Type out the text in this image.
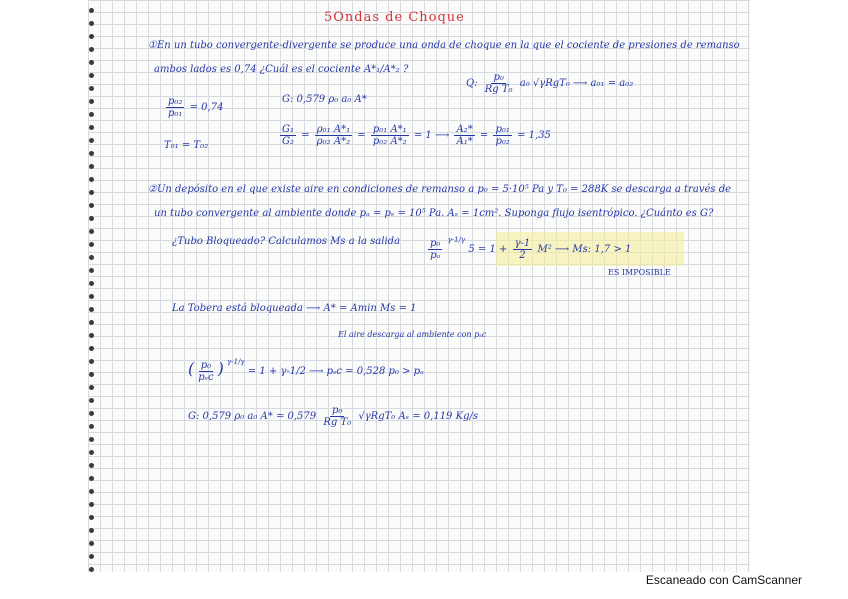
5Ondas de Choque
①En un tubo convergente-divergente se produce una onda de choque en la que el cociente de presiones de remanso
ambos lados es 0,74 ¿Cuál es el cociente A*₁/A*₂ ?
Q: $\frac{\text{p₀}}{\text{Rg T₀}} a_0$ √γRgT₀ ⟶ a₀₁ = a₀₂
$\frac{\text{p₀₂}}{\text{p₀₁}} = 0,74$
G: 0,579 ρ₀ a₀ A*
T₀₁ = T₀₂	$\frac{\text{G₁}}{\text{G₂}} = \frac{\text{ρ₀₁ A*₁}}{\text{ρ₀₂ A*₂}} = \frac{\text{p₀₁ A*₁}}{\text{p₀₂ A*₂}} = 1$ ⟶ $\frac{\text{A₂*}}{\text{A₁*}} = \frac{\text{p₀₁}}{\text{p₀₂}} = 1,35$
②Un depósito en el que existe aire en condiciones de remanso a p₀ = 5·10⁵ Pa y T₀ = 288K se descarga a través de
un tubo convergente al ambiente donde pₐ = pₛ = 10⁵ Pa. Aₛ = 1cm². Suponga flujo isentrópico. ¿Cuánto es G?
¿Tubo Bloqueado? Calculamos Ms a la salida	$\frac{\text{p₀}}{\text{pₐ}} ^{\gamma-1/\gamma}$ $5 = 1 + \frac{\gamma-1}{2} M^2$ ⟶ Ms: 1,7 > 1
ES IMPOSIBLE
La Tobera está bloqueada ⟶ A* = Amin Ms = 1
El aire descarga al ambiente con pₛc
( p₀
pₛc ) $^{\gamma-1/\gamma}$ = 1 + γ-1/2 ⟶ pₛc = 0,528 p₀ > pₐ
G: 0,579 ρ₀ a₀ $A* = 0,579 \frac{\text{p₀}}{\text{Rg T₀}} √\gamma RgT_0$ Aₛ = 0,119 Kg/s
Escaneado con CamScanner
